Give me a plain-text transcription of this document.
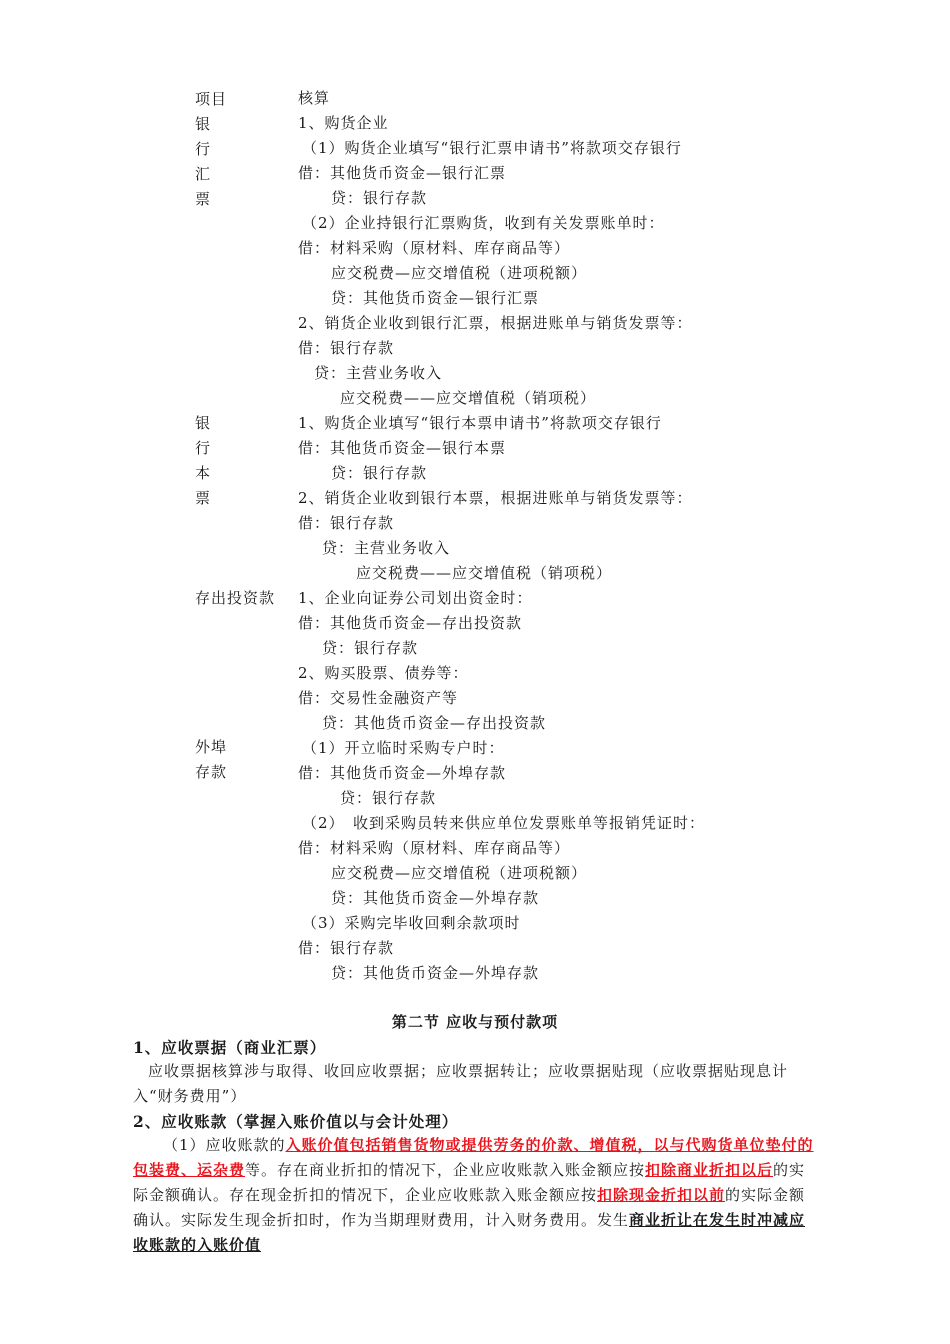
项目	核算
银
行
汇
票
银
行
本
票
存出投资款
外埠
存款
1、购货企业
（1）购货企业填写“银行汇票申请书”将款项交存银行
借：其他货币资金—银行汇票
贷：银行存款
（2）企业持银行汇票购货，收到有关发票账单时：
借：材料采购（原材料、库存商品等）
应交税费—应交增值税（进项税额）
贷：其他货币资金—银行汇票
2、销货企业收到银行汇票，根据进账单与销货发票等：
借：银行存款
贷：主营业务收入
应交税费——应交增值税（销项税）
1、购货企业填写“银行本票申请书”将款项交存银行
借：其他货币资金—银行本票
贷：银行存款
2、销货企业收到银行本票，根据进账单与销货发票等：
借：银行存款
贷：主营业务收入
应交税费——应交增值税（销项税）
1、企业向证券公司划出资金时：
借：其他货币资金—存出投资款
贷：银行存款
2、购买股票、债券等：
借：交易性金融资产等
贷：其他货币资金—存出投资款
（1）开立临时采购专户时：
借：其他货币资金—外埠存款
贷：银行存款
（2）　收到采购员转来供应单位发票账单等报销凭证时：
借：材料采购（原材料、库存商品等）
应交税费—应交增值税（进项税额）
贷：其他货币资金—外埠存款
（3）采购完毕收回剩余款项时
借：银行存款
贷：其他货币资金—外埠存款
第二节 应收与预付款项
1、应收票据（商业汇票）
应收票据核算涉与取得、收回应收票据；应收票据转让；应收票据贴现（应收票据贴现息计入“财务费用”）
2、应收账款（掌握入账价值以与会计处理）
（1）应收账款的入账价值包括销售货物或提供劳务的价款、增值税，以与代购货单位垫付的包装费、运杂费等。存在商业折扣的情况下，企业应收账款入账金额应按扣除商业折扣以后的实际金额确认。存在现金折扣的情况下，企业应收账款入账金额应按扣除现金折扣以前的实际金额确认。实际发生现金折扣时，作为当期理财费用，计入财务费用。发生商业折让在发生时冲减应收账款的入账价值
